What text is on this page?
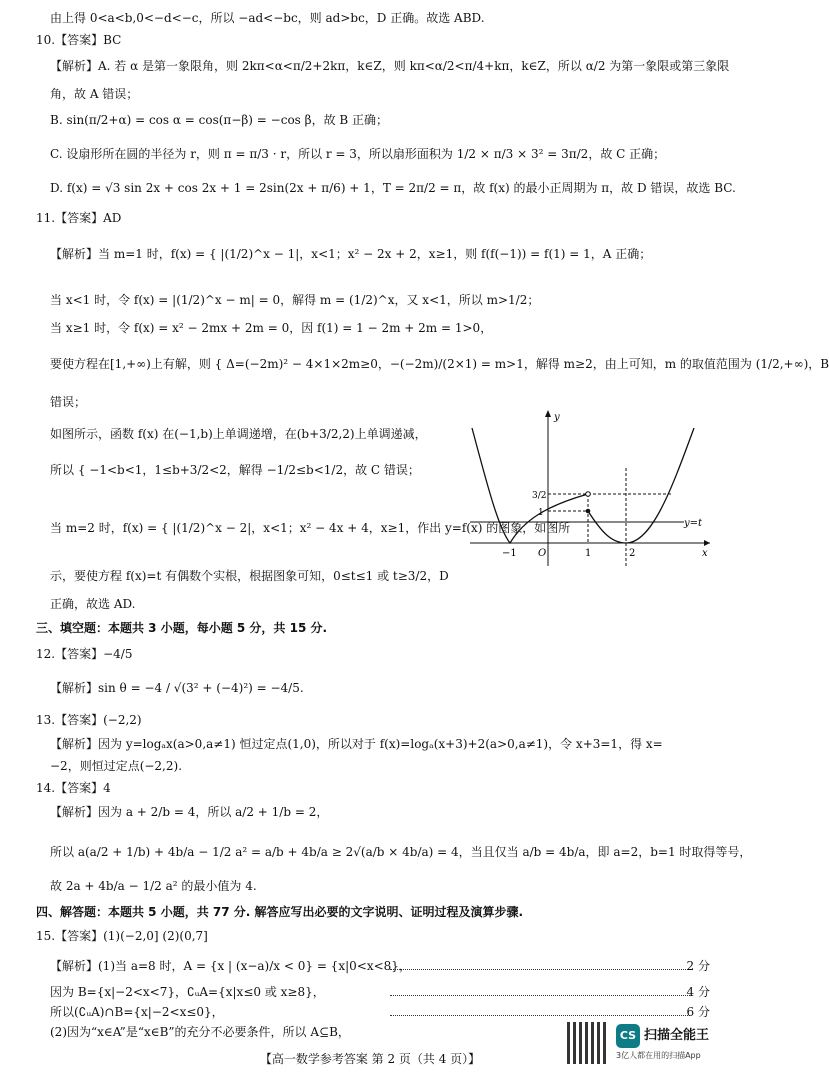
由上得 0<a<b,0<−d<−c，所以 −ad<−bc，则 ad>bc，D 正确。故选 ABD.
10.【答案】BC
【解析】A. 若 α 是第一象限角，则 2kπ<α<π/2+2kπ，k∈Z，则 kπ<α/2<π/4+kπ，k∈Z，所以 α/2 为第一象限或第三象限
角，故 A 错误；
B. sin(π/2+α) = cos α = cos(π−β) = −cos β，故 B 正确；
C. 设扇形所在圆的半径为 r，则 π = π/3 · r，所以 r = 3，所以扇形面积为 1/2 × π/3 × 3² = 3π/2，故 C 正确；
D. f(x) = √3 sin 2x + cos 2x + 1 = 2sin(2x + π/6) + 1，T = 2π/2 = π，故 f(x) 的最小正周期为 π，故 D 错误，故选 BC.
11.【答案】AD
【解析】当 m=1 时，f(x) = { |(1/2)^x − 1|，x<1；x² − 2x + 2，x≥1，则 f(f(−1)) = f(1) = 1，A 正确；
当 x<1 时，令 f(x) = |(1/2)^x − m| = 0，解得 m = (1/2)^x，又 x<1，所以 m>1/2；
当 x≥1 时，令 f(x) = x² − 2mx + 2m = 0，因 f(1) = 1 − 2m + 2m = 1>0，
要使方程在[1,+∞)上有解，则 { Δ=(−2m)² − 4×1×2m≥0，−(−2m)/(2×1) = m>1，解得 m≥2，由上可知，m 的取值范围为 (1/2,+∞)，B
错误；
如图所示，函数 f(x) 在(−1,b)上单调递增，在(b+3/2,2)上单调递减，
所以 { −1<b<1，1≤b+3/2<2，解得 −1/2≤b<1/2，故 C 错误；
当 m=2 时，f(x) = { |(1/2)^x − 2|，x<1；x² − 4x + 4，x≥1，作出 y=f(x) 的图象，如图所
示，要使方程 f(x)=t 有偶数个实根，根据图象可知，0≤t≤1 或 t≥3/2，D
正确，故选 AD.
三、填空题：本题共 3 小题，每小题 5 分，共 15 分.
12.【答案】−4/5
【解析】sin θ = −4 / √(3² + (−4)²) = −4/5.
13.【答案】(−2,2)
【解析】因为 y=logₐx(a>0,a≠1) 恒过定点(1,0)，所以对于 f(x)=logₐ(x+3)+2(a>0,a≠1)，令 x+3=1，得 x=
−2，则恒过定点(−2,2).
14.【答案】4
【解析】因为 a + 2/b = 4，所以 a/2 + 1/b = 2，
所以 a(a/2 + 1/b) + 4b/a − 1/2 a² = a/b + 4b/a ≥ 2√(a/b × 4b/a) = 4，当且仅当 a/b = 4b/a，即 a=2，b=1 时取得等号，
故 2a + 4b/a − 1/2 a² 的最小值为 4.
四、解答题：本题共 5 小题，共 77 分. 解答应写出必要的文字说明、证明过程及演算步骤.
15.【答案】(1)(−2,0] (2)(0,7]
【解析】(1)当 a=8 时，A = {x | (x−a)/x < 0} = {x|0<x<8}，
因为 B={x|−2<x<7}，∁ᵤA={x|x≤0 或 x≥8}，
所以(∁ᵤA)∩B={x|−2<x≤0}，
(2)因为“x∈A”是“x∈B”的充分不必要条件，所以 A⊆B，
2 分
4 分
6 分
y
x
O
−1	1	2
3/2
1
y=t
【高一数学参考答案 第 2 页（共 4 页）】
CS 扫描全能王
3亿人都在用的扫描App
